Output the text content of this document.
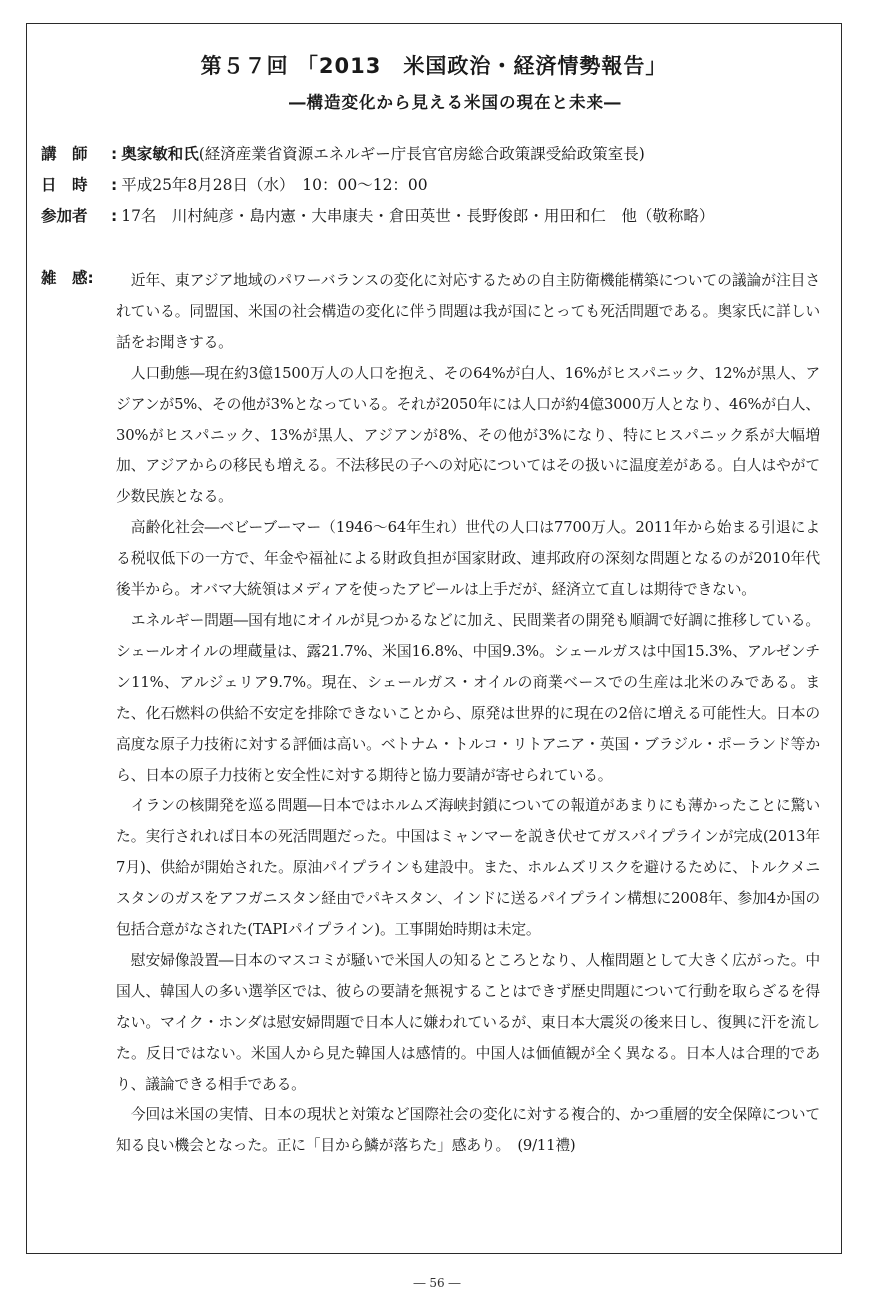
第５７回 「2013　米国政治・経済情勢報告」
―構造変化から見える米国の現在と未来―
講　師 : 奥家敏和氏(経済産業省資源エネルギー庁長官官房総合政策課受給政策室長)
日　時 : 平成25年8月28日（水）　10：00～12：00
参加者 : 17名　川村純彦・島内憲・大串康夫・倉田英世・長野俊郎・用田和仁　他（敬称略）
雑　感:	近年、東アジア地域のパワーバランスの変化に対応するための自主防衛機能構築についての議論が注目されている。同盟国、米国の社会構造の変化に伴う問題は我が国にとっても死活問題である。奥家氏に詳しい話をお聞きする。

人口動態―現在約3億1500万人の人口を抱え、その64%が白人、16%がヒスパニック、12%が黒人、アジアンが5%、その他が3%となっている。それが2050年には人口が約4億3000万人となり、46%が白人、30%がヒスパニック、13%が黒人、アジアンが8%、その他が3%になり、特にヒスパニック系が大幅増加、アジアからの移民も増える。不法移民の子への対応についてはその扱いに温度差がある。白人はやがて少数民族となる。

高齢化社会―ベビーブーマー（1946～64年生れ）世代の人口は7700万人。2011年から始まる引退による税収低下の一方で、年金や福祉による財政負担が国家財政、連邦政府の深刻な問題となるのが2010年代後半から。オバマ大統領はメディアを使ったアピールは上手だが、経済立て直しは期待できない。

エネルギー問題―国有地にオイルが見つかるなどに加え、民間業者の開発も順調で好調に推移している。シェールオイルの埋蔵量は、露21.7%、米国16.8%、中国9.3%。シェールガスは中国15.3%、アルゼンチン11%、アルジェリア9.7%。現在、シェールガス・オイルの商業ベースでの生産は北米のみである。また、化石燃料の供給不安定を排除できないことから、原発は世界的に現在の2倍に増える可能性大。日本の高度な原子力技術に対する評価は高い。ベトナム・トルコ・リトアニア・英国・ブラジル・ポーランド等から、日本の原子力技術と安全性に対する期待と協力要請が寄せられている。

イランの核開発を巡る問題―日本ではホルムズ海峡封鎖についての報道があまりにも薄かったことに驚いた。実行されれば日本の死活問題だった。中国はミャンマーを説き伏せてガスパイプラインが完成(2013年7月)、供給が開始された。原油パイプラインも建設中。また、ホルムズリスクを避けるために、トルクメニスタンのガスをアフガニスタン経由でパキスタン、インドに送るパイプライン構想に2008年、参加4か国の包括合意がなされた(TAPIパイプライン)。工事開始時期は未定。

慰安婦像設置―日本のマスコミが騒いで米国人の知るところとなり、人権問題として大きく広がった。中国人、韓国人の多い選挙区では、彼らの要請を無視することはできず歴史問題について行動を取らざるを得ない。マイク・ホンダは慰安婦問題で日本人に嫌われているが、東日本大震災の後来日し、復興に汗を流した。反日ではない。米国人から見た韓国人は感情的。中国人は価値観が全く異なる。日本人は合理的であり、議論できる相手である。

今回は米国の実情、日本の現状と対策など国際社会の変化に対する複合的、かつ重層的安全保障について知る良い機会となった。正に「目から鱗が落ちた」感あり。　(9/11禮)

― 56 ―
